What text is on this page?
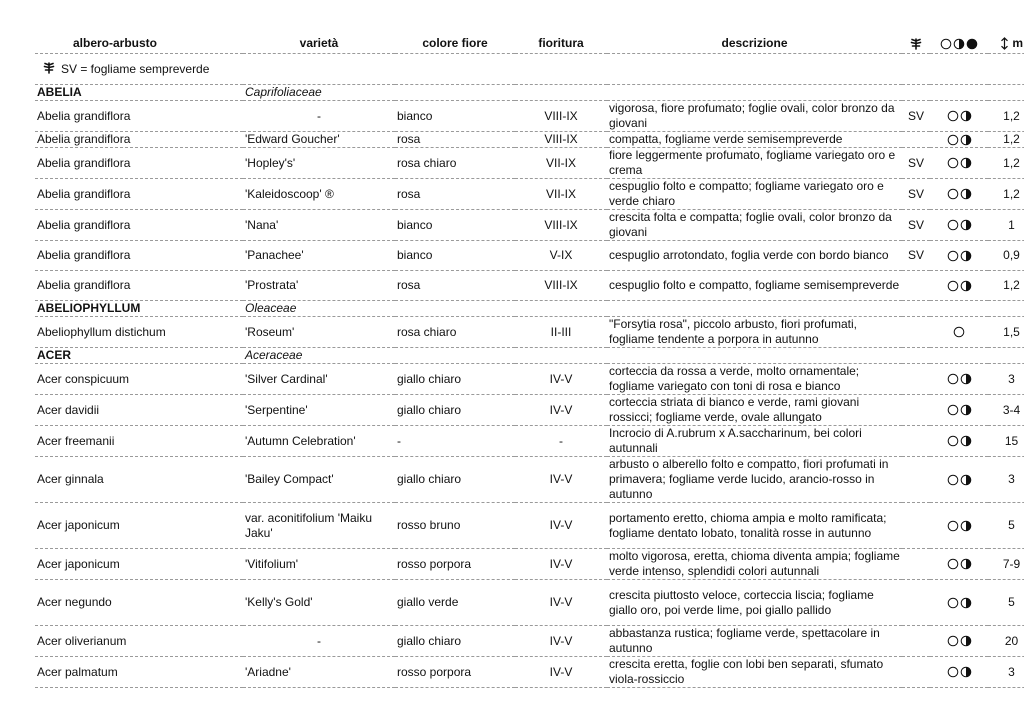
albero-arbusto	varietà	colore fiore	fioritura	descrizione			m
SV = fogliame sempreverde							
ABELIA	Caprifoliaceae						
Abelia grandiflora	-	bianco	VIII-IX	vigorosa, fiore profumato; foglie ovali, color bronzo da giovani	SV		1,2
Abelia grandiflora	'Edward Goucher'	rosa	VIII-IX	compatta, fogliame verde semisempreverde			1,2
Abelia grandiflora	'Hopley's'	rosa chiaro	VII-IX	fiore leggermente profumato, fogliame variegato oro e crema	SV		1,2
Abelia grandiflora	'Kaleidoscoop' ®	rosa	VII-IX	cespuglio folto e compatto; fogliame variegato oro e verde chiaro	SV		1,2
Abelia grandiflora	'Nana'	bianco	VIII-IX	crescita folta e compatta; foglie ovali, color bronzo da giovani	SV		1
Abelia grandiflora	'Panachee'	bianco	V-IX	cespuglio arrotondato, foglia verde con bordo bianco	SV		0,9
Abelia grandiflora	'Prostrata'	rosa	VIII-IX	cespuglio folto e compatto, fogliame semisempreverde			1,2
ABELIOPHYLLUM	Oleaceae						
Abeliophyllum distichum	'Roseum'	rosa chiaro	II-III	"Forsytia rosa", piccolo arbusto, fiori profumati, fogliame tendente a porpora in autunno			1,5
ACER	Aceraceae						
Acer conspicuum	'Silver Cardinal'	giallo chiaro	IV-V	corteccia da rossa a verde, molto ornamentale; fogliame variegato con toni di rosa e bianco			3
Acer davidii	'Serpentine'	giallo chiaro	IV-V	corteccia striata di bianco e verde, rami giovani rossicci; fogliame verde, ovale allungato			3-4
Acer freemanii	'Autumn Celebration'	-	-	Incrocio di A.rubrum x A.saccharinum, bei colori autunnali			15
Acer ginnala	'Bailey Compact'	giallo chiaro	IV-V	arbusto o alberello folto e compatto, fiori profumati in primavera; fogliame verde lucido, arancio-rosso in autunno			3
Acer japonicum	var. aconitifolium 'Maiku Jaku'	rosso bruno	IV-V	portamento eretto, chioma ampia e molto ramificata; fogliame dentato lobato, tonalità rosse in autunno			5
Acer japonicum	'Vitifolium'	rosso porpora	IV-V	molto vigorosa, eretta, chioma diventa ampia; fogliame verde intenso, splendidi colori autunnali			7-9
Acer negundo	'Kelly's Gold'	giallo verde	IV-V	crescita piuttosto veloce, corteccia liscia; fogliame giallo oro, poi verde lime, poi giallo pallido			5
Acer oliverianum	-	giallo chiaro	IV-V	abbastanza rustica; fogliame verde, spettacolare in autunno			20
Acer palmatum	'Ariadne'	rosso porpora	IV-V	crescita eretta, foglie con lobi ben separati, sfumato viola-rossiccio			3
